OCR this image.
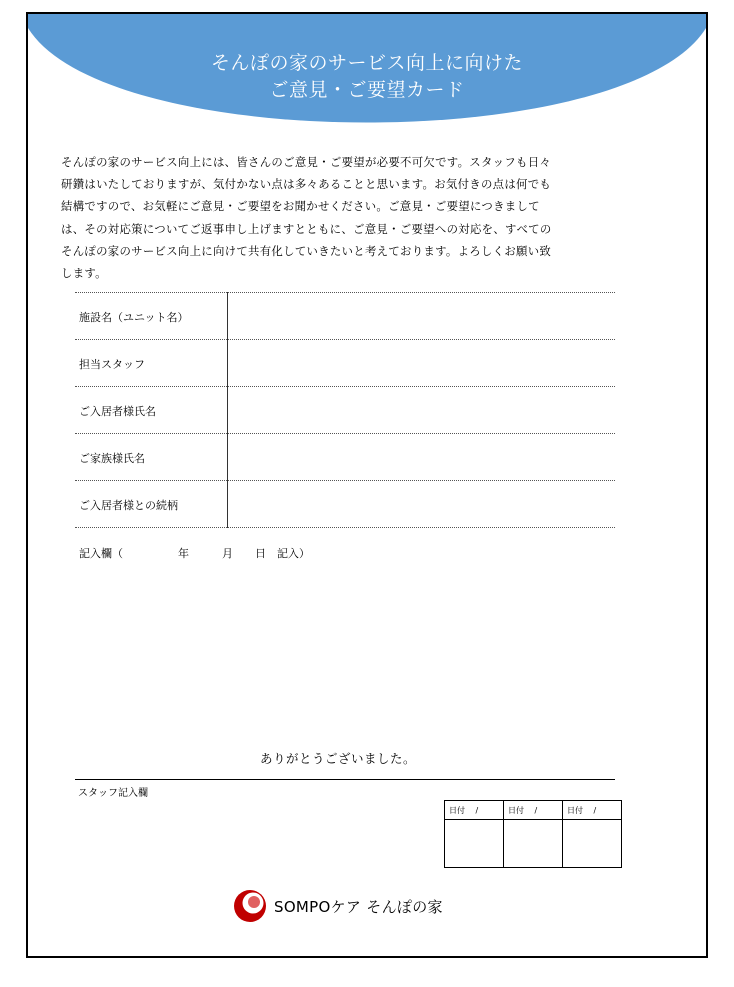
そんぽの家のサービス向上に向けた
ご意見・ご要望カード
そんぽの家のサービス向上には、皆さんのご意見・ご要望が必要不可欠です。スタッフも日々
研鑽はいたしておりますが、気付かない点は多々あることと思います。お気付きの点は何でも
結構ですので、お気軽にご意見・ご要望をお聞かせください。ご意見・ご要望につきまして
は、その対応策についてご返事申し上げますとともに、ご意見・ご要望への対応を、すべての
そんぽの家のサービス向上に向けて共有化していきたいと考えております。よろしくお願い致
します。
施設名（ユニット名）
担当スタッフ
ご入居者様氏名
ご家族様氏名
ご入居者様との続柄
記入欄（　　　　　年　　　月　　日　記入）
ありがとうございました。
スタッフ記入欄
日付　 /	日付　 /	日付　 /
SOMPOケア そんぽの家
